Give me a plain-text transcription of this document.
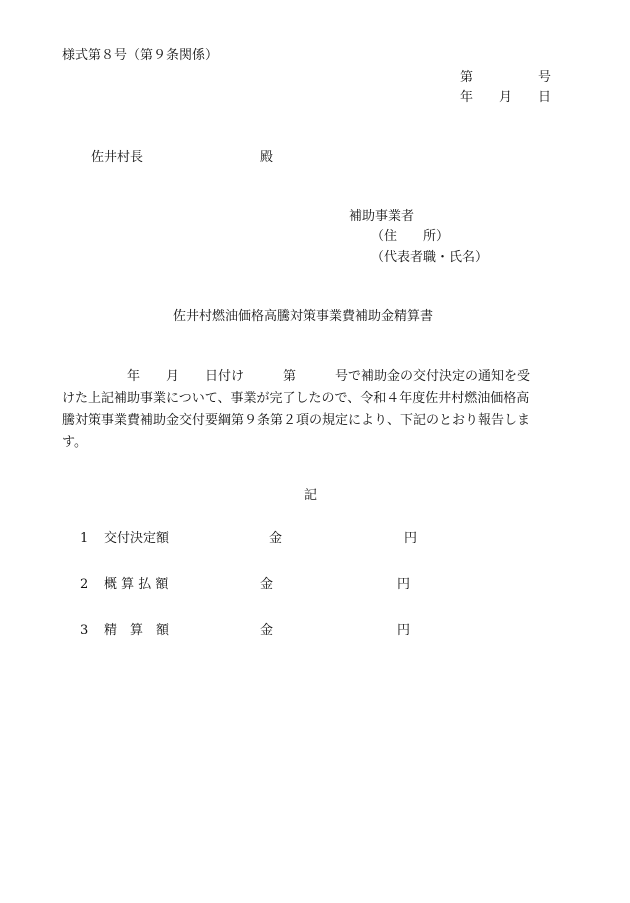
様式第８号（第９条関係）
第　　　　　号
年　　月　　日
佐井村長　　　　　　　　　殿
補助事業者
（住　　所）
（代表者職・氏名）
佐井村燃油価格高騰対策事業費補助金精算書
　　　　　年　　月　　日付け　　　第　　　号で補助金の交付決定の通知を受
けた上記補助事業について、事業が完了したので、令和４年度佐井村燃油価格高
騰対策事業費補助金交付要綱第９条第２項の規定により、下記のとおり報告しま
す。
記
1 交付決定額	金	円
2 概 算 払 額	金	円
3 精　算　額	金	円
